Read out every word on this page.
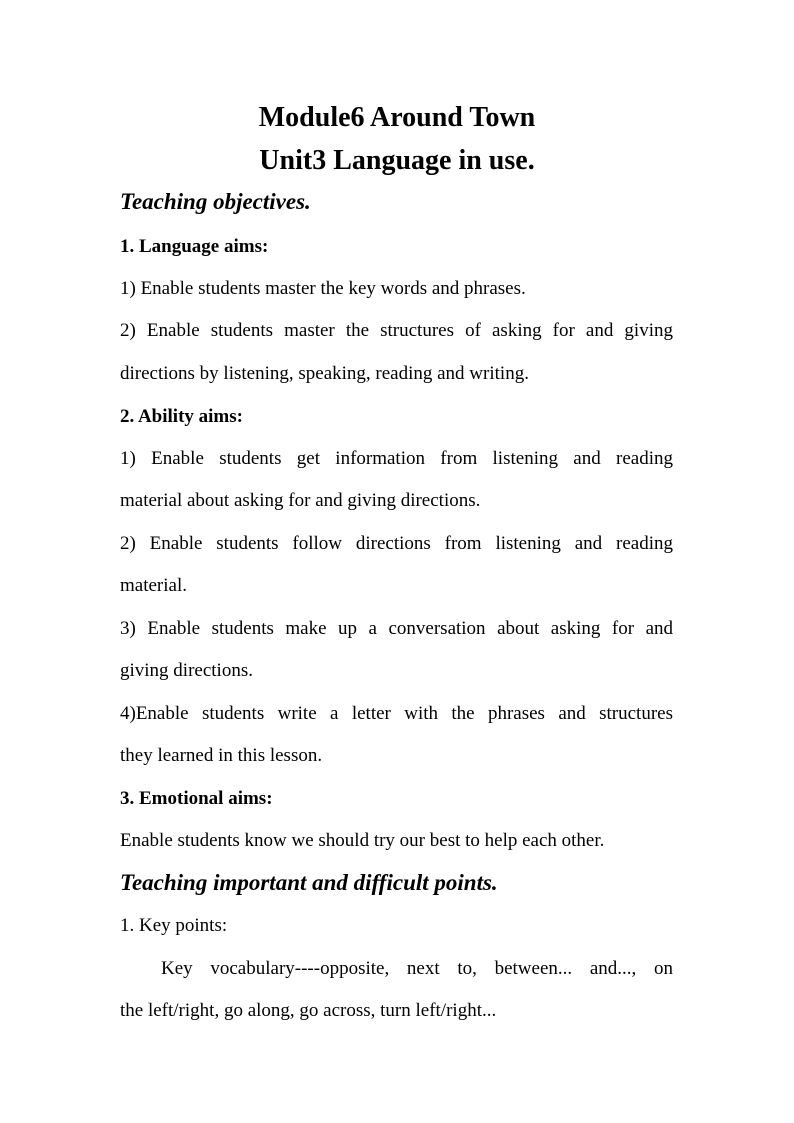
Module6 Around Town
Unit3 Language in use.
Teaching objectives.
1. Language aims:
1) Enable students master the key words and phrases.
2) Enable students master the structures of asking for and giving
directions by listening, speaking, reading and writing.
2. Ability aims:
1) Enable students get information from listening and reading
material about asking for and giving directions.
2) Enable students follow directions from listening and reading
material.
3) Enable students make up a conversation about asking for and
giving directions.
4)Enable students write a letter with the phrases and structures
they learned in this lesson.
3. Emotional aims:
Enable students know we should try our best to help each other.
Teaching important and difficult points.
1. Key points:
Key vocabulary----opposite, next to, between... and..., on
the left/right, go along, go across, turn left/right...
